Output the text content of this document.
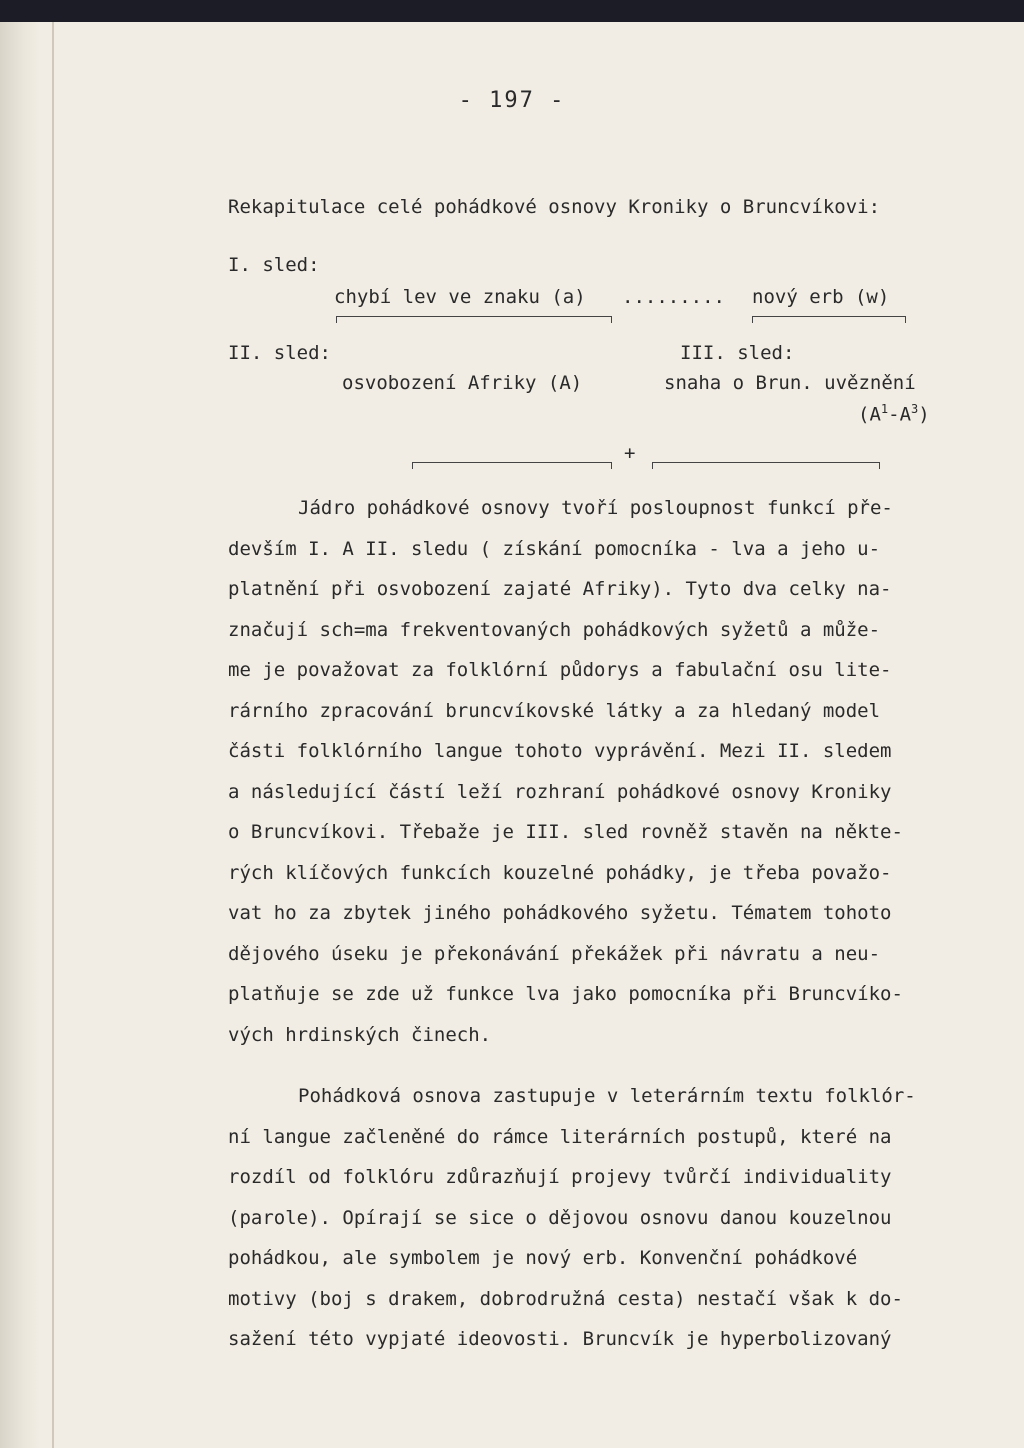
- 197 -
Rekapitulace celé pohádkové osnovy Kroniky o Bruncvíkovi:
I. sled:
chybí lev ve znaku (a) ......... nový erb (w)
II. sled:	III. sled:
osvobození Afriky (A)	snaha o Brun. uvěznění
$(A^1-A^3)$
+
Jádro pohádkové osnovy tvoří posloupnost funkcí pře-
devším I. A II. sledu ( získání pomocníka - lva a jeho u-
platnění při osvobození zajaté Afriky). Tyto dva celky na-
značují sch=ma frekventovaných pohádkových syžetů a může-
me je považovat za folklórní půdorys a fabulační osu lite-
rárního zpracování bruncvíkovské látky a za hledaný model
části folklórního langue tohoto vyprávění. Mezi II. sledem
a následující částí leží rozhraní pohádkové osnovy Kroniky
o Bruncvíkovi. Třebaže je III. sled rovněž stavěn na někte-
rých klíčových funkcích kouzelné pohádky, je třeba považo-
vat ho za zbytek jiného pohádkového syžetu. Tématem tohoto
dějového úseku je překonávání překážek při návratu a neu-
platňuje se zde už funkce lva jako pomocníka při Bruncvíko-
vých hrdinských činech.
Pohádková osnova zastupuje v leterárním textu folklór-
ní langue začleněné do rámce literárních postupů, které na
rozdíl od folklóru zdůrazňují projevy tvůrčí individuality
(parole). Opírají se sice o dějovou osnovu danou kouzelnou
pohádkou, ale symbolem je nový erb. Konvenční pohádkové
motivy (boj s drakem, dobrodružná cesta) nestačí však k do-
sažení této vypjaté ideovosti. Bruncvík je hyperbolizovaný
